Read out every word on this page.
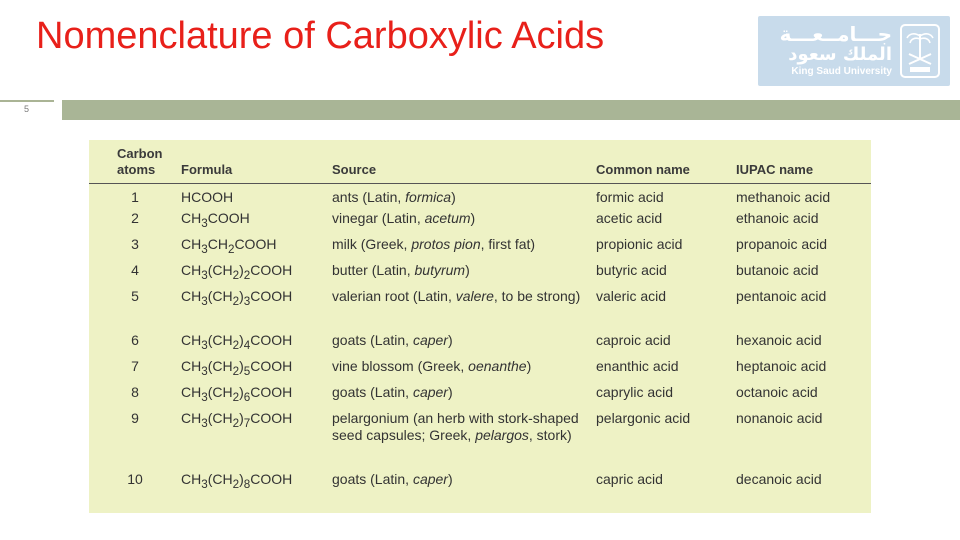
Nomenclature of Carboxylic Acids
5
جـــامــعـــة
الملك سعود
King Saud University
Carbon atoms	Formula	Source	Common name	IUPAC name
1	HCOOH	ants (Latin, formica)	formic acid	methanoic acid
2	$CH_3COOH$	vinegar (Latin, acetum)	acetic acid	ethanoic acid
3	$CH_3CH_2COOH$	milk (Greek, protos pion, first fat)	propionic acid	propanoic acid
4	$CH_3(CH_2)_2COOH$	butter (Latin, butyrum)	butyric acid	butanoic acid
5	$CH_3(CH_2)_3COOH$	valerian root (Latin, valere, to be strong)	valeric acid	pentanoic acid
6	$CH_3(CH_2)_4COOH$	goats (Latin, caper)	caproic acid	hexanoic acid
7	$CH_3(CH_2)_5COOH$	vine blossom (Greek, oenanthe)	enanthic acid	heptanoic acid
8	$CH_3(CH_2)_6COOH$	goats (Latin, caper)	caprylic acid	octanoic acid
9	$CH_3(CH_2)_7COOH$	pelargonium (an herb with stork-shaped seed capsules; Greek, pelargos, stork)	pelargonic acid	nonanoic acid
10	$CH_3(CH_2)_8COOH$	goats (Latin, caper)	capric acid	decanoic acid
